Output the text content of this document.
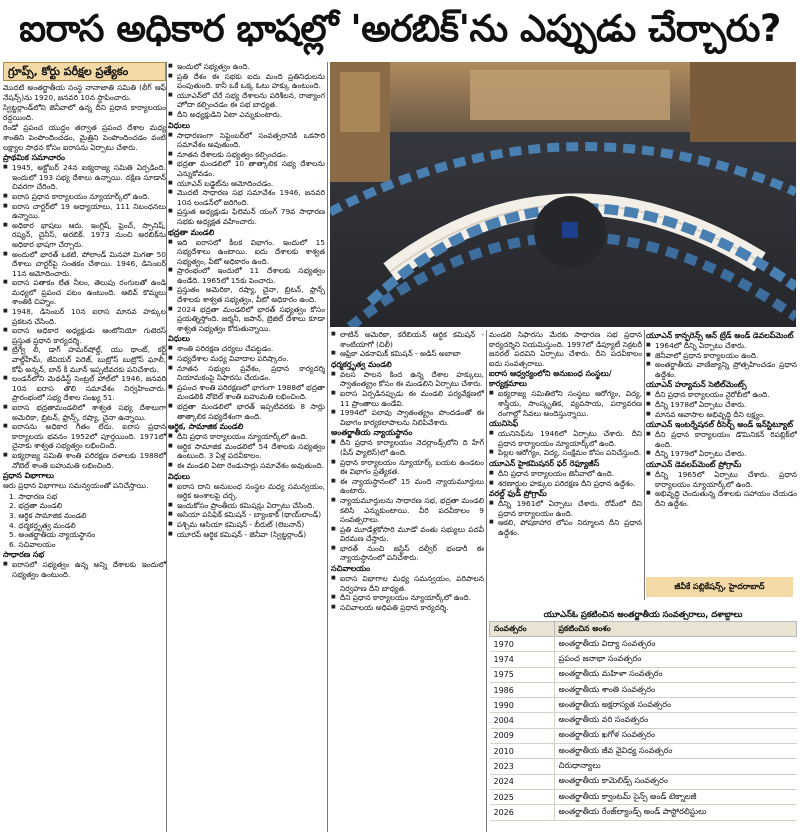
ఐరాస అధికార భాషల్లో 'అరబిక్'ను ఎప్పుడు చేర్చారు?
గ్రూప్స్, కోర్టు పరీక్షల ప్రత్యేకం
మొదటి అంతర్జాతీయ సంస్థ నానాజాతి సమితి (లీగ్ ఆఫ్ నేషన్స్)ను 1920, జనవరి 10న స్థాపించారు.
స్విట్జర్లాండ్‌లోని జెనీవాలో ఉన్న దీని ప్రధాన కార్యాలయం రద్దయింది.
రెండో ప్రపంచ యుద్ధం తర్వాత ప్రపంచ దేశాల మధ్య శాంతిని పెంపొందించడం, మైత్రిని పెంపొందించడం వంటి లక్ష్యాల సాధన కోసం ఐరాసను ఏర్పాటు చేశారు.
ప్రాథమిక సమాచారం
■ 1945, అక్టోబర్ 24న ఐక్యరాజ్య సమితి ఏర్పడింది. ఇందులో 193 సభ్య దేశాలు ఉన్నాయి. దక్షిణ సూడాన్ చివరగా చేరింది.
■ ఐరాస ప్రధాన కార్యాలయం న్యూయార్క్‌లో ఉంది.
■ ఐరాస చార్టర్‌లో 19 అధ్యాయాలు, 111 నిబంధనలు ఉన్నాయి.
■ అధికార భాషలు ఆరు. ఇంగ్లిష్, ఫ్రెంచ్, స్పానిష్, రష్యన్, చైనీస్, అరబిక్. 1973 నుంచి అరబిక్‌ను అధికార భాషగా చేర్చారు.
■ అందులో భారత్ ఒకటి. పోలాండ్ మినహా మిగతా 50 దేశాలు చార్టర్‌పై సంతకం చేశాయి. 1946, డిసెంబర్ 11న ఆమోదించారు.
■ ఐరాస పతాకం లేత నీలం, తెలుపు రంగులతో ఉండి మధ్యలో ప్రపంచ పటం ఉంటుంది. ఆలివ్ కొమ్మలు శాంతికి చిహ్నం.
■ 1948, డిసెంబర్ 10న ఐరాస మానవ హక్కుల ప్రకటన చేసింది.
■ ఐరాస అధికార అధ్యక్షుడు ఆంటోనియో గుటెరస్ ప్రస్తుత ప్రధాన కార్యదర్శి.
■ ట్రిగ్వే లీ, డాగ్ హమర్‌షోల్డ్, యు థాంట్, కర్ట్ వాల్డ్‌హీమ్, జేవియర్ పెరెజ్, బుట్రోస్ బుట్రోస్ ఘాలీ, కోఫీ అన్నన్, బాన్ కీ మూన్ ఇప్పటివరకు పనిచేశారు.
■ లండన్‌లోని మెథడిస్ట్ సెంట్రల్ హాల్‌లో 1946, జనవరి 10న ఐరాస తొలి సమావేశం నిర్వహించారు. ప్రారంభంలో సభ్య దేశాల సంఖ్య 51.
■ ఐరాస భద్రతామండలిలో శాశ్వత సభ్య దేశాలుగా అమెరికా, బ్రిటన్, ఫ్రాన్స్, రష్యా, చైనా ఉన్నాయి.
■ ఐరాసను అధికార గీతం లేదు. ఐరాస ప్రధాన కార్యాలయ భవనం 1952లో పూర్తయింది. 1971లో చైనాకు శాశ్వత సభ్యత్వం లభించింది.
■ ఐక్యరాజ్య సమితి శాంతి పరిరక్షణ దళాలకు 1988లో నోబెల్ శాంతి బహుమతి లభించింది.
ప్రధాన విభాగాలు
ఆరు ప్రధాన విభాగాలు సమన్వయంతో పనిచేస్తాయి.
1. సాధారణ సభ
2. భద్రతా మండలి
3. ఆర్థిక సామాజిక మండలి
4. ధర్మకర్తృత్వ మండలి
5. అంతర్జాతీయ న్యాయస్థానం
6. సచివాలయం
సాధారణ సభ
■ ఐరాసలో సభ్యత్వం ఉన్న అన్ని దేశాలకు ఇందులో సభ్యత్వం ఉంటుంది.
■ ఇందులో సభ్యత్వం ఉంది.
■ ప్రతి దేశం ఈ సభకు ఐదు మంది ప్రతినిధులను పంపుతుంది. కానీ ఒకే ఒక్క ఓటు హక్కు ఉంటుంది.
■ యూఎన్‌లో చేరే సభ్య దేశాలను పరిశీలన, రాజ్యాంగ హోదా కల్పించడం ఈ సభ బాధ్యత.
■ దీని అధ్యక్షుడిని ఏటా ఎన్నుకుంటారు.
విధులు
■ సాధారణంగా సెప్టెంబర్‌లో సంవత్సరానికి ఒకసారి సమావేశం అవుతుంది.
■ నూతన దేశాలకు సభ్యత్వం కల్పించడం.
■ భద్రతా మండలిలో 10 తాత్కాలిక సభ్య దేశాలను ఎన్నుకోవడం.
■ యూఎన్ బడ్జెట్‌ను ఆమోదించడం.
■ మొదటి సాధారణ సభ సమావేశం 1946, జనవరి 10న లండన్‌లో జరిగింది.
■ ప్రస్తుత అధ్యక్షుడు ఫిలెమన్ యంగ్ 79వ సాధారణ సభకు అధ్యక్షత వహించారు.
భద్రతా మండలి
■ ఇది ఐరాసలో కీలక విభాగం. ఇందులో 15 సభ్యదేశాలు ఉంటాయి. ఐదు దేశాలకు శాశ్వత సభ్యత్వం, వీటో అధికారం ఉంది.
■ ప్రారంభంలో ఇందులో 11 దేశాలకు సభ్యత్వం ఉండేది. 1965లో 15కు పెంచారు.
■ ప్రస్తుతం అమెరికా, రష్యా, చైనా, బ్రిటన్, ఫ్రాన్స్ దేశాలకు శాశ్వత సభ్యత్వం, వీటో అధికారం ఉంది.
■ 2024 భద్రతా మండలిలో భారత్ సభ్యత్వం కోసం ప్రయత్నిస్తోంది. జర్మనీ, జపాన్, బ్రెజిల్ దేశాలు కూడా శాశ్వత సభ్యత్వం కోరుతున్నాయి.
విధులు
■ శాంతి పరిరక్షణ చర్యలు చేపట్టడం.
■ సభ్యదేశాల మధ్య వివాదాల పరిష్కారం.
■ నూతన సభ్యుల ప్రవేశం, ప్రధాన కార్యదర్శి నియామకంపై సిఫారసు చేయడం.
■ ప్రపంచ శాంతి పరిరక్షణలో భాగంగా 1988లో భద్రతా మండలికి నోబెల్ శాంతి బహుమతి లభించింది.
■ భద్రతా మండలిలో భారత్ ఇప్పటివరకు 8 సార్లు తాత్కాలిక సభ్యదేశంగా ఉంది.
ఆర్థిక, సామాజిక మండలి
■ దీని ప్రధాన కార్యాలయం న్యూయార్క్‌లో ఉంది.
■ ఆర్థిక సామాజిక మండలిలో 54 దేశాలకు సభ్యత్వం ఉంటుంది. 3 ఏళ్ల పదవీకాలం.
■ ఈ మండలి ఏటా రెండుసార్లు సమావేశం అవుతుంది.
విధులు
■ ఐరాస దాని అనుబంధ సంస్థల మధ్య సమన్వయం, ఆర్థిక అంశాలపై చర్చ.
■ ఇందుకోసం ప్రాంతీయ కమిషన్లు ఏర్పాటు చేసింది.
■ ఆసియా పసిఫిక్ కమిషన్ - బ్యాంకాక్ (థాయ్‌లాండ్)
■ పశ్చిమ ఆసియా కమిషన్ - బీరుట్ (లెబనాన్)
■ యూరప్ ఆర్థిక కమిషన్ - జెనీవా (స్విట్జర్లాండ్)
■ లాటిన్ అమెరికా, కరేబియన్ ఆర్థిక కమిషన్ - శాంటియాగో (చిలీ)
■ ఆఫ్రికా ఎకనామిక్ కమిషన్ - అడిస్ అబాబా
ధర్మకర్తృత్వ మండలి
■ వలస పాలన కింద ఉన్న దేశాల హక్కులు, స్వాతంత్య్రం కోసం ఈ మండలిని ఏర్పాటు చేశారు.
■ ఐరాస ఏర్పడినప్పుడు ఈ మండలి పర్యవేక్షణలో 11 ప్రాంతాలు ఉండేవి.
■ 1994లో పలావు స్వాతంత్య్రం పొందడంతో ఈ విభాగం కార్యకలాపాలను నిలిపివేశారు.
అంతర్జాతీయ న్యాయస్థానం
■ దీని ప్రధాన కార్యాలయం నెదర్లాండ్స్‌లోని ది హేగ్ (పీస్ ప్యాలెస్)లో ఉంది.
■ ప్రధాన కార్యాలయం న్యూయార్క్ బయట ఉండటం ఈ విభాగం ప్రత్యేకత.
■ ఈ న్యాయస్థానంలో 15 మంది న్యాయమూర్తులు ఉంటారు.
■ న్యాయమూర్తులను సాధారణ సభ, భద్రతా మండలి కలిసి ఎన్నుకుంటాయి. వీరి పదవీకాలం 9 సంవత్సరాలు.
■ ప్రతి మూడేళ్లకోసారి మూడో వంతు సభ్యులు పదవీ విరమణ చేస్తారు.
■ భారత్ నుంచి జస్టిస్ దల్వీర్ భండారీ ఈ న్యాయస్థానంలో పనిచేశారు.
సచివాలయం
■ ఐరాస విభాగాల మధ్య సమన్వయం, పరిపాలన నిర్వహణ దీని బాధ్యత.
■ దీని ప్రధాన కార్యాలయం న్యూయార్క్‌లో ఉంది.
■ సచివాలయ అధిపతి ప్రధాన కార్యదర్శి.
మండలి సిఫారసు మేరకు సాధారణ సభ ప్రధాన కార్యదర్శిని నియమిస్తుంది. 1997లో డిప్యూటీ సెక్రటరీ జనరల్ పదవిని ఏర్పాటు చేశారు. దీని పదవీకాలం ఐదు సంవత్సరాలు.
ఐరాస ఆధ్వర్యంలోని అనుబంధ సంస్థలు/కార్యక్రమాలు
■ ఐక్యరాజ్య సమితిలోని సంస్థలు ఆరోగ్యం, విద్య, శాస్త్రీయ, సాంస్కృతిక, వ్యవసాయ, పర్యావరణ రంగాల్లో సేవలు అందిస్తున్నాయి.
యునిసెఫ్
■ యునిసెఫ్‌ను 1946లో ఏర్పాటు చేశారు. దీని ప్రధాన కార్యాలయం న్యూయార్క్‌లో ఉంది.
■ పిల్లల ఆరోగ్యం, విద్య, సంక్షేమం కోసం పనిచేస్తుంది.
యూఎన్ హైకమిషనర్ ఫర్ రెఫ్యూజీస్
■ దీని ప్రధాన కార్యాలయం జెనీవాలో ఉంది.
■ శరణార్థుల హక్కుల పరిరక్షణ దీని ప్రధాన ఉద్దేశం.
వరల్డ్ ఫుడ్ ప్రోగ్రామ్
■ దీన్ని 1961లో ఏర్పాటు చేశారు. రోమ్‌లో దీని ప్రధాన కార్యాలయం ఉంది.
■ ఆకలి, పోషకాహార లోపం నిర్మూలన దీని ప్రధాన ఉద్దేశం.
యూఎన్ కాన్ఫరెన్స్ ఆన్ ట్రేడ్ అండ్ డెవలప్‌మెంట్
■ 1964లో దీన్ని ఏర్పాటు చేశారు.
■ జెనీవాలో ప్రధాన కార్యాలయం ఉంది.
■ అంతర్జాతీయ వాణిజ్యాన్ని ప్రోత్సహించడం ప్రధాన ఉద్దేశం.
యూఎన్ హ్యూమన్ సెటిల్‌మెంట్స్
■ దీని ప్రధాన కార్యాలయం నైరోబీలో ఉంది.
■ దీన్ని 1978లో ఏర్పాటు చేశారు.
■ మానవ ఆవాసాల అభివృద్ధి దీని లక్ష్యం.
యూఎన్ ఇంటర్నేషనల్ రీసెర్చ్ అండ్ ఇన్‌స్టిట్యూట్
■ దీని ప్రధాన కార్యాలయం డొమినికన్ రిపబ్లిక్‌లో ఉంది.
■ దీన్ని 1979లో ఏర్పాటు చేశారు.
యూఎన్ డెవలప్‌మెంట్ ప్రోగ్రామ్
■ దీన్ని 1965లో ఏర్పాటు చేశారు. ప్రధాన కార్యాలయం న్యూయార్క్‌లో ఉంది.
■ అభివృద్ధి చెందుతున్న దేశాలకు సహాయం చేయడం దీని ఉద్దేశం.
జీవీకే పబ్లికేషన్స్, హైదరాబాద్
యూఎన్‌ఓ ప్రకటించిన అంతర్జాతీయ సంవత్సరాలు, దశాబ్దాలు
సంవత్సరం	ప్రకటించిన అంశం
1970	అంతర్జాతీయ విద్యా సంవత్సరం
1974	ప్రపంచ జనాభా సంవత్సరం
1975	అంతర్జాతీయ మహిళా సంవత్సరం
1986	అంతర్జాతీయ శాంతి సంవత్సరం
1990	అంతర్జాతీయ అక్షరాస్యత సంవత్సరం
2004	అంతర్జాతీయ వరి సంవత్సరం
2009	అంతర్జాతీయ ఖగోళ సంవత్సరం
2010	అంతర్జాతీయ జీవ వైవిధ్య సంవత్సరం
2023	చిరుధాన్యాలు
2024	అంతర్జాతీయ కామెలిడ్స్ సంవత్సరం
2025	అంతర్జాతీయ క్వాంటమ్ సైన్స్ అండ్ టెక్నాలజీ
2026	అంతర్జాతీయ రేంజ్‌ల్యాండ్స్ అండ్ పాస్టోరలిస్టులు
